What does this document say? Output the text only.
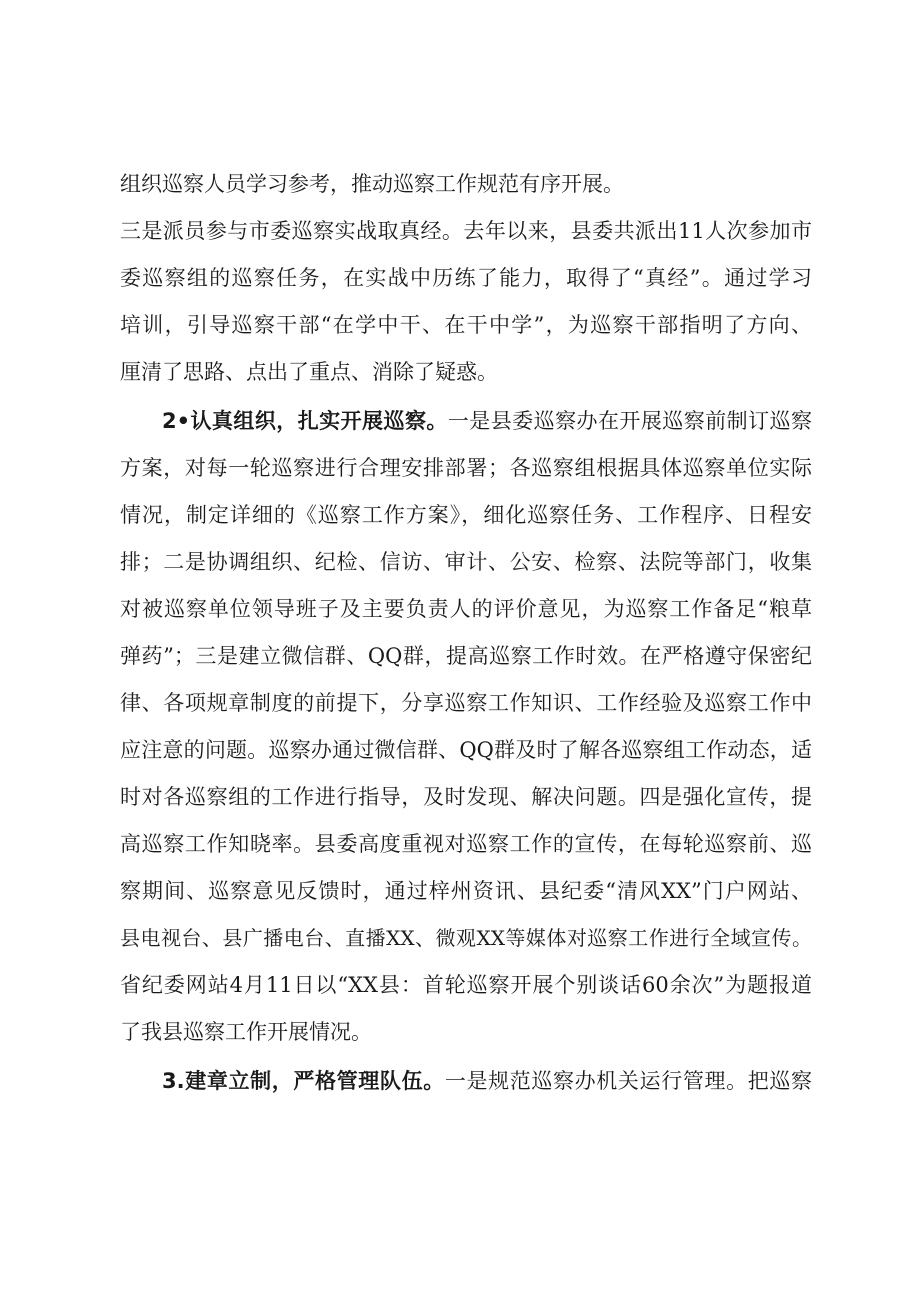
组织巡察人员学习参考，推动巡察工作规范有序开展。
三是派员参与市委巡察实战取真经。去年以来，县委共派出11人次参加市
委巡察组的巡察任务，在实战中历练了能力，取得了“真经”。通过学习
培训，引导巡察干部“在学中干、在干中学”，为巡察干部指明了方向、
厘清了思路、点出了重点、消除了疑惑。
2•认真组织，扎实开展巡察。一是县委巡察办在开展巡察前制订巡察
方案，对每一轮巡察进行合理安排部署；各巡察组根据具体巡察单位实际
情况，制定详细的《巡察工作方案》，细化巡察任务、工作程序、日程安
排；二是协调组织、纪检、信访、审计、公安、检察、法院等部门，收集
对被巡察单位领导班子及主要负责人的评价意见，为巡察工作备足“粮草
弹药”；三是建立微信群、QQ群，提高巡察工作时效。在严格遵守保密纪
律、各项规章制度的前提下，分享巡察工作知识、工作经验及巡察工作中
应注意的问题。巡察办通过微信群、QQ群及时了解各巡察组工作动态，适
时对各巡察组的工作进行指导，及时发现、解决问题。四是强化宣传，提
高巡察工作知晓率。县委高度重视对巡察工作的宣传，在每轮巡察前、巡
察期间、巡察意见反馈时，通过梓州资讯、县纪委“清风XX”门户网站、
县电视台、县广播电台、直播XX、微观XX等媒体对巡察工作进行全域宣传。
省纪委网站4月11日以“XX县：首轮巡察开展个别谈话60余次”为题报道
了我县巡察工作开展情况。
3.建章立制，严格管理队伍。一是规范巡察办机关运行管理。把巡察
